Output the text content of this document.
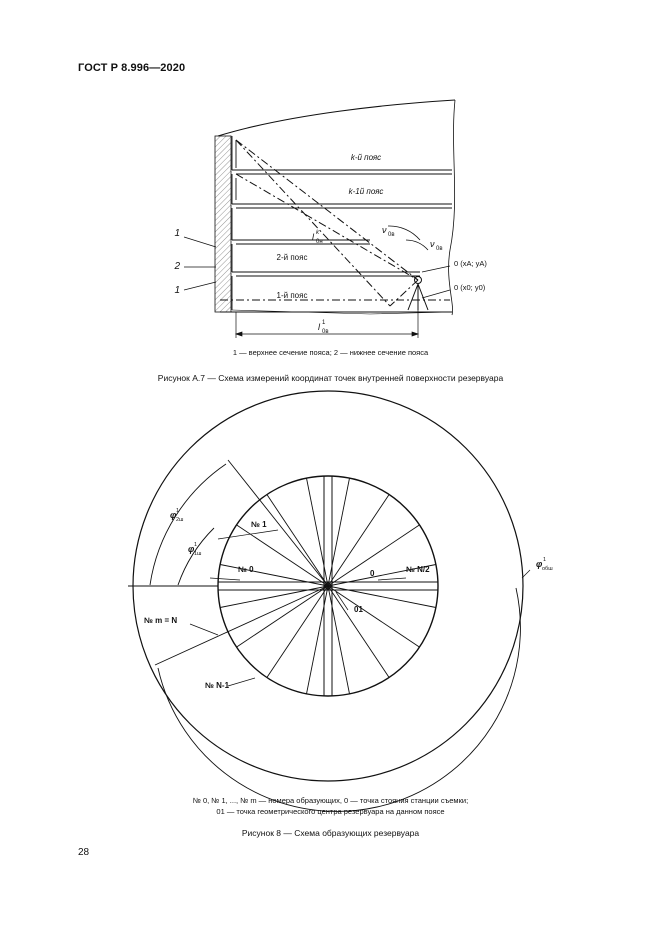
ГОСТ Р 8.996—2020
k-й пояс
k-1й пояс
2-й пояс
1-й пояс
1
2
1
0 (xA; yA)
0 (x0; y0)
l 1
0в
l k
0н
ν 0в
ν 0в
1 — верхнее сечение пояса; 2 — нижнее сечение пояса
Рисунок А.7 — Схема измерений координат точек внутренней поверхности резервуара
№ 1
№ 0	№ N/2
№ m = N
№ N-1
0
01
φ 1
обш
φ 1
2ш
φ 1
1ш
№ 0, № 1, ..., № m — номера образующих, 0 — точка стояния станции съемки;
01 — точка геометрического центра резервуара на данном поясе
Рисунок 8 — Схема образующих резервуара
28
